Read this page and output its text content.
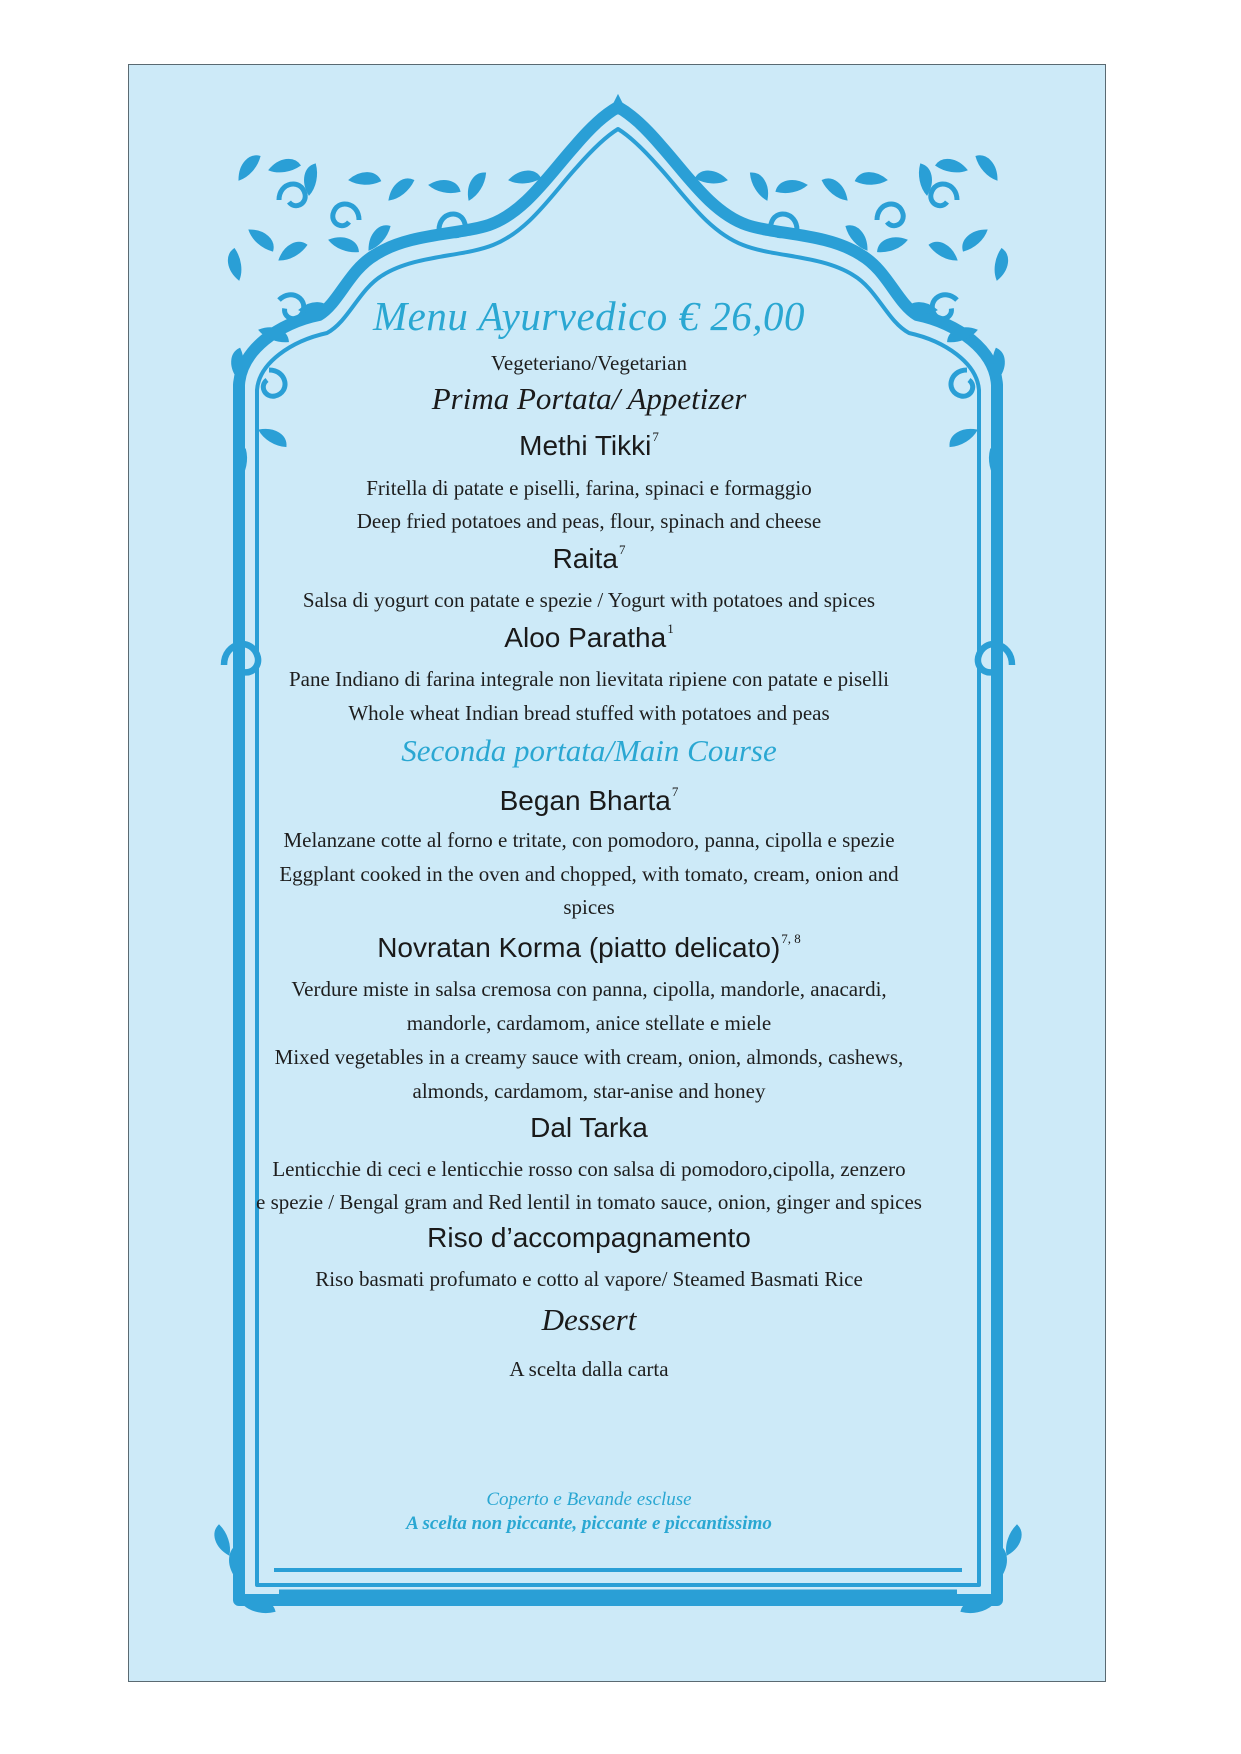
Menu Ayurvedico € 26,00
Vegeteriano/Vegetarian
Prima Portata/ Appetizer
Methi Tikki$^7$
Fritella di patate e piselli, farina, spinaci e formaggio
Deep fried potatoes and peas, flour, spinach and cheese
Raita$^7$
Salsa di yogurt con patate e spezie / Yogurt with potatoes and spices
Aloo Paratha$^1$
Pane Indiano di farina integrale non lievitata ripiene con patate e piselli
Whole wheat Indian bread stuffed with potatoes and peas
Seconda portata/Main Course
Began Bharta$^7$
Melanzane cotte al forno e tritate, con pomodoro, panna, cipolla e spezie
Eggplant cooked in the oven and chopped, with tomato, cream, onion and
spices
Novratan Korma (piatto delicato)$^{7, 8}$
Verdure miste in salsa cremosa con panna, cipolla, mandorle, anacardi,
mandorle, cardamom, anice stellate e miele
Mixed vegetables in a creamy sauce with cream, onion, almonds, cashews,
almonds, cardamom, star-anise and honey
Dal Tarka
Lenticchie di ceci e lenticchie rosso con salsa di pomodoro,cipolla, zenzero
e spezie / Bengal gram and Red lentil in tomato sauce, onion, ginger and spices
Riso d’accompagnamento
Riso basmati profumato e cotto al vapore/ Steamed Basmati Rice
Dessert
A scelta dalla carta
Coperto e Bevande escluse
A scelta non piccante, piccante e piccantissimo
